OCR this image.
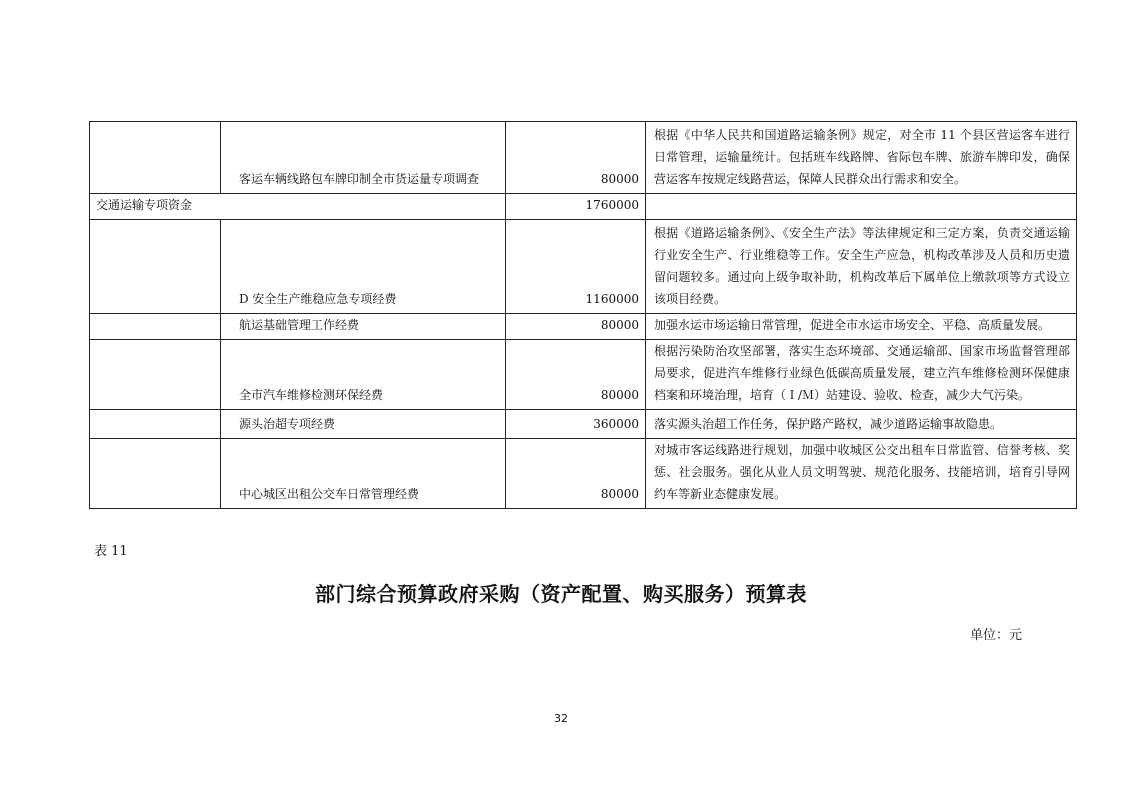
	客运车辆线路包车牌印制全市货运量专项调查	80000	根据《中华人民共和国道路运输条例》规定，对全市 11 个县区营运客车进行日常管理，运输量统计。包括班车线路牌、省际包车牌、旅游车牌印发，确保营运客车按规定线路营运，保障人民群众出行需求和安全。
交通运输专项资金		1760000	
	D 安全生产维稳应急专项经费	1160000	根据《道路运输条例》、《安全生产法》等法律规定和三定方案，负责交通运输行业安全生产、行业维稳等工作。安全生产应急，机构改革涉及人员和历史遗留问题较多。通过向上级争取补助，机构改革后下属单位上缴款项等方式设立该项目经费。
	航运基础管理工作经费	80000	加强水运市场运输日常管理，促进全市水运市场安全、平稳、高质量发展。
	全市汽车维修检测环保经费	80000	根据污染防治攻坚部署，落实生态环境部、交通运输部、国家市场监督管理部局要求，促进汽车维修行业绿色低碳高质量发展，建立汽车维修检测环保健康档案和环境治理，培育（Ｉ/Ｍ）站建设、验收、检查，减少大气污染。
	源头治超专项经费	360000	落实源头治超工作任务，保护路产路权，减少道路运输事故隐患。
	中心城区出租公交车日常管理经费	80000	对城市客运线路进行规划，加强中收城区公交出租车日常监管、信誉考核、奖惩、社会服务。强化从业人员文明驾驶、规范化服务、技能培训，培育引导网约车等新业态健康发展。
表 11
部门综合预算政府采购（资产配置、购买服务）预算表
单位：元
32
